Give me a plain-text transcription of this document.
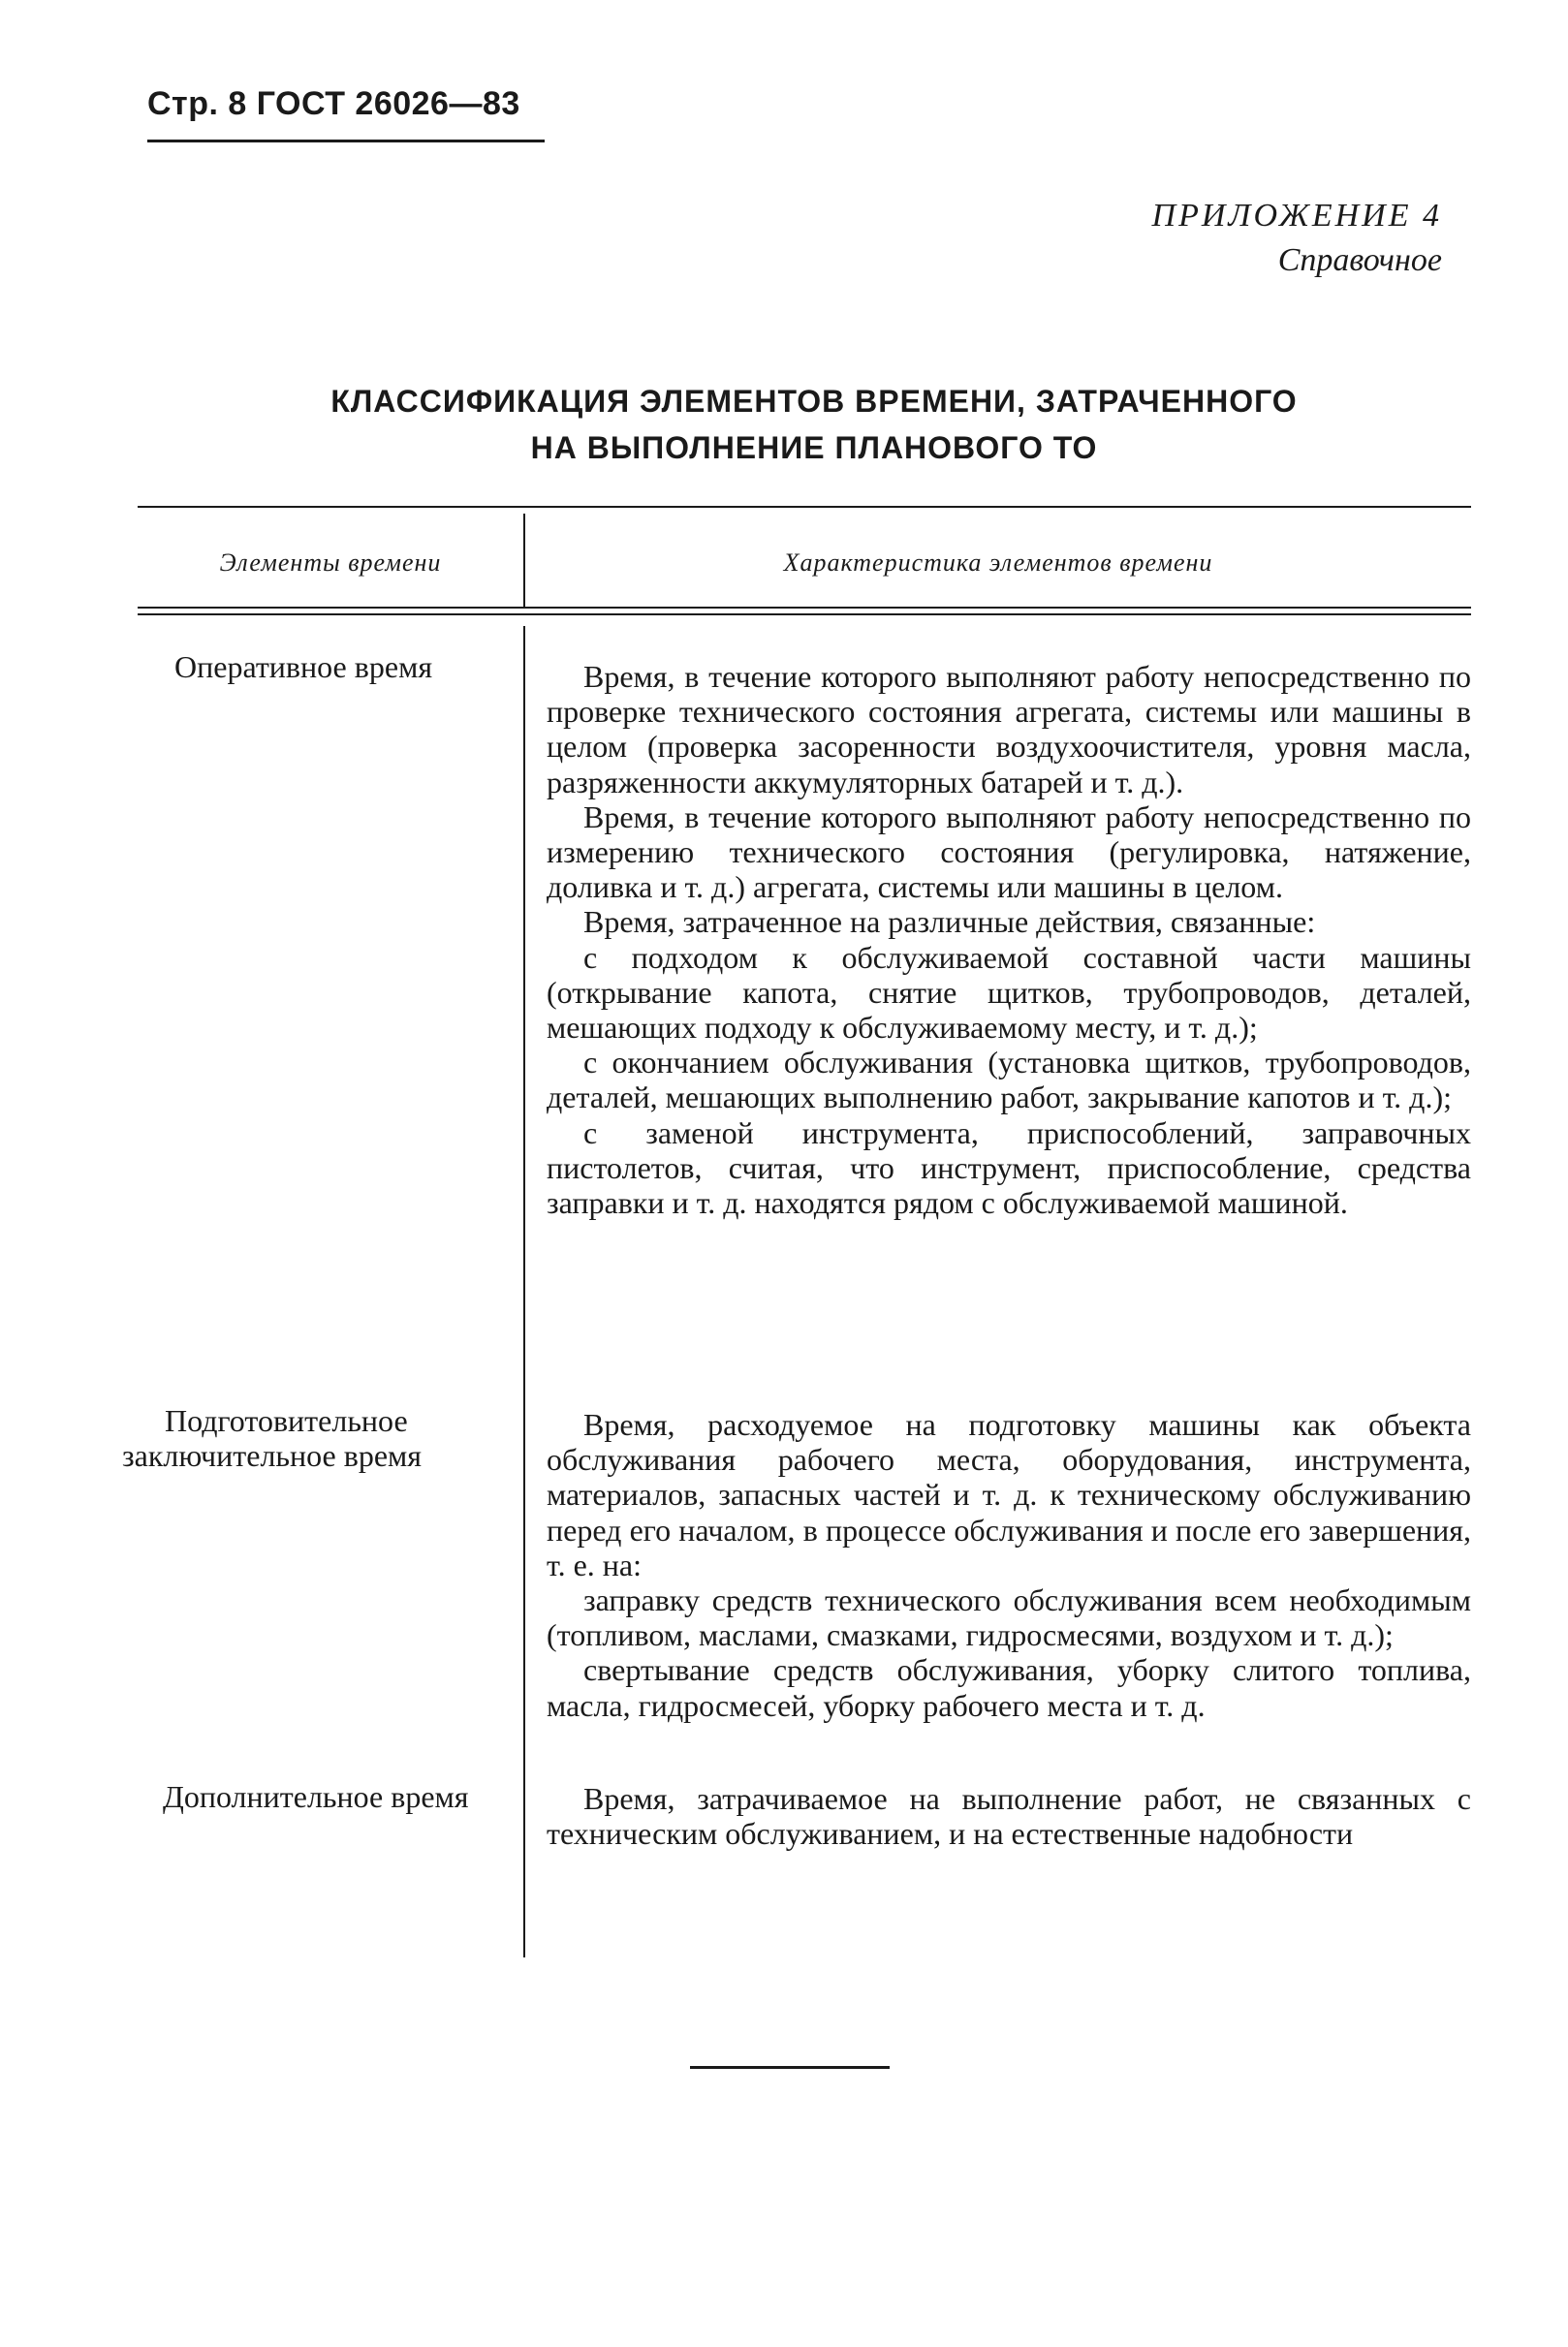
Стр. 8 ГОСТ 26026—83
ПРИЛОЖЕНИЕ 4
Справочное
КЛАССИФИКАЦИЯ ЭЛЕМЕНТОВ ВРЕМЕНИ, ЗАТРАЧЕННОГО
НА ВЫПОЛНЕНИЕ ПЛАНОВОГО ТО
Элементы времени	Характеристика элементов времени
Оперативное время
Подготовительное заключительное время
Дополнительное время

Время, в течение которого выполняют работу непосредственно по проверке технического состояния агрегата, системы или машины в целом (проверка засоренности воздухоочистителя, уровня масла, разряженности аккумуляторных батарей и т. д.).

Время, в течение которого выполняют работу непосредственно по измерению технического состояния (регулировка, натяжение, доливка и т. д.) агрегата, системы или машины в целом.

Время, затраченное на различные действия, связанные:

с подходом к обслуживаемой составной части машины (открывание капота, снятие щитков, трубопроводов, деталей, мешающих подходу к обслуживаемому месту, и т. д.);

с окончанием обслуживания (установка щитков, трубопроводов, деталей, мешающих выполнению работ, закрывание капотов и т. д.);

с заменой инструмента, приспособлений, заправочных пистолетов, считая, что инструмент, приспособление, средства заправки и т. д. находятся рядом с обслуживаемой машиной.

Время, расходуемое на подготовку машины как объекта обслуживания рабочего места, оборудования, инструмента, материалов, запасных частей и т. д. к техническому обслуживанию перед его началом, в процессе обслуживания и после его завершения, т. е. на:

заправку средств технического обслуживания всем необходимым (топливом, маслами, смазками, гидросмесями, воздухом и т. д.);

свертывание средств обслуживания, уборку слитого топлива, масла, гидросмесей, уборку рабочего места и т. д.

Время, затрачиваемое на выполнение работ, не связанных с техническим обслуживанием, и на естественные надобности
